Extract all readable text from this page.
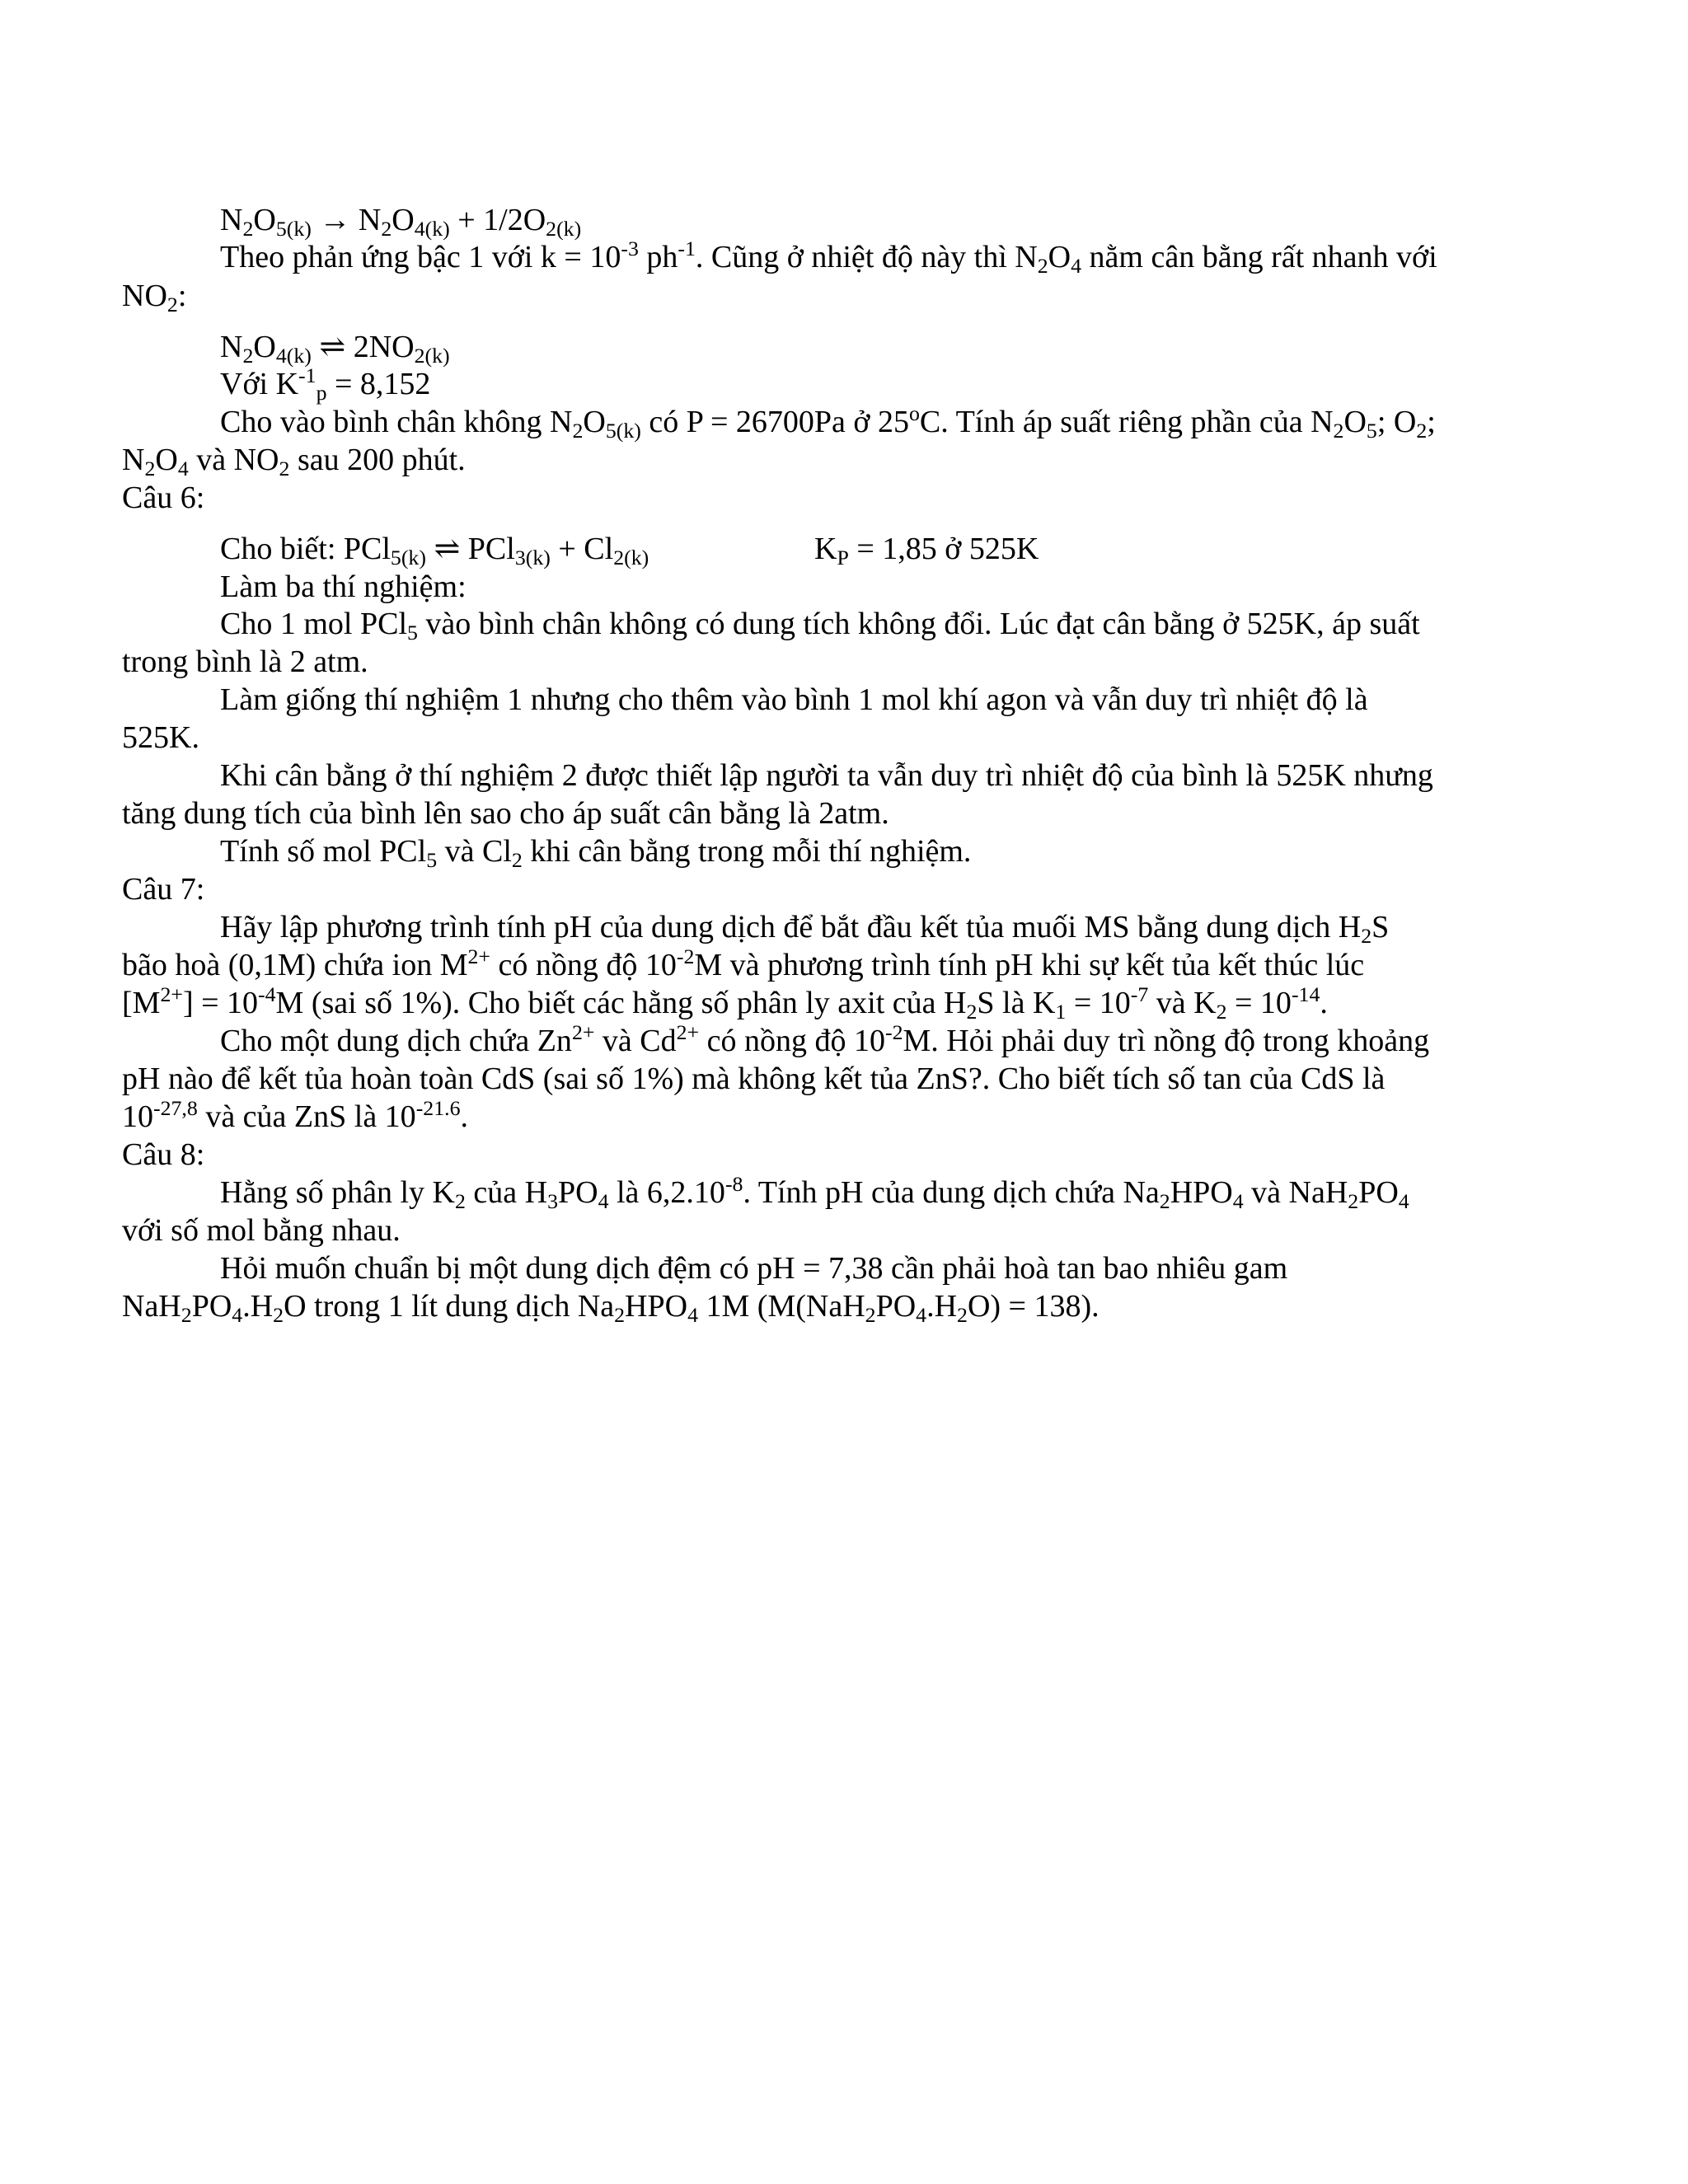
$N_2O_{5(k)} \to N_2O_{4(k)} + 1/2O_{2(k)}$

Theo phản ứng bậc 1 với $k = 10^{-3}$ $ph^{-1}$. Cũng ở nhiệt độ này thì $N_2O_4$ nằm cân bằng rất nhanh với

$NO_2$:

$N_2O_{4(k)}$ ⇌ $2NO_{2(k)}$

Với $K^{-1}_p = 8,152$

Cho vào bình chân không $N_2O_{5(k)}$ có P = 26700Pa ở 25$^o$C. Tính áp suất riêng phần của $N_2O_5$; $O_2$;

$N_2O_4$ và $NO_2$ sau 200 phút.

Câu 6:

Cho biết: PCl$_{5(k)}$ ⇌ $PCl_{3(k)} + Cl_{2(k)}$	$K_P = 1,85$ ở 525K

Làm ba thí nghiệm:

Cho 1 mol PCl$_5$ vào bình chân không có dung tích không đổi. Lúc đạt cân bằng ở 525K, áp suất

trong bình là 2 atm.

Làm giống thí nghiệm 1 nhưng cho thêm vào bình 1 mol khí agon và vẫn duy trì nhiệt độ là

525K.

Khi cân bằng ở thí nghiệm 2 được thiết lập người ta vẫn duy trì nhiệt độ của bình là 525K nhưng

tăng dung tích của bình lên sao cho áp suất cân bằng là 2atm.

Tính số mol PCl$_5$ và $Cl_2$ khi cân bằng trong mỗi thí nghiệm.

Câu 7:

Hãy lập phương trình tính pH của dung dịch để bắt đầu kết tủa muối MS bằng dung dịch $H_2S$

bão hoà (0,1M) chứa ion $M^{2+}$ có nồng độ $10^{-2}M$ và phương trình tính pH khi sự kết tủa kết thúc lúc

$[M^{2+}] = 10^{-4}M$ (sai số 1%). Cho biết các hằng số phân ly axit của $H_2S$ là $K_1 = 10^{-7}$ và $K_2 = 10^{-14}$.

Cho một dung dịch chứa $Zn^{2+}$ và $Cd^{2+}$ có nồng độ $10^{-2}M$. Hỏi phải duy trì nồng độ trong khoảng

pH nào để kết tủa hoàn toàn CdS (sai số 1%) mà không kết tủa ZnS?. Cho biết tích số tan của CdS là

$10^{-27,8}$ và của ZnS là $10^{-21.6}$.

Câu 8:

Hằng số phân ly $K_2$ của $H_3PO_4$ là $6,2.10^{-8}$. Tính pH của dung dịch chứa $Na_2HPO_4$ và $NaH_2PO_4$

với số mol bằng nhau.

Hỏi muốn chuẩn bị một dung dịch đệm có pH = 7,38 cần phải hoà tan bao nhiêu gam

$NaH_2PO_4.H_2O$ trong 1 lít dung dịch $Na_2HPO_4$ 1M $(M(NaH_2PO_4.H_2O) = 138)$.
